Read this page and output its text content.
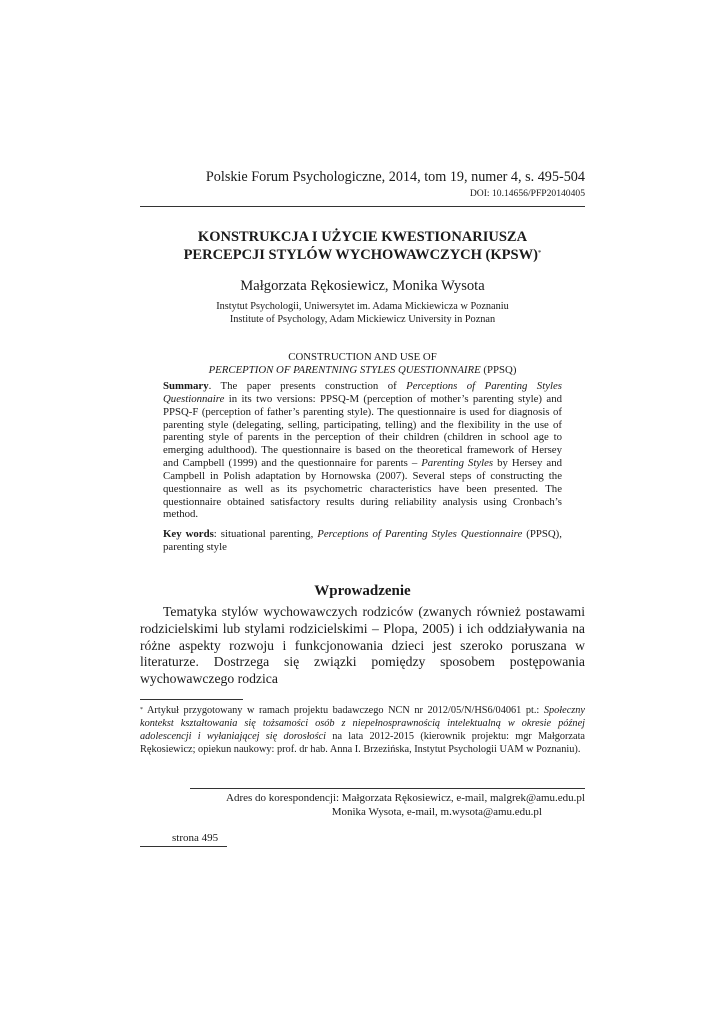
Polskie Forum Psychologiczne, 2014, tom 19, numer 4, s. 495-504
DOI: 10.14656/PFP20140405
KONSTRUKCJA I UŻYCIE KWESTIONARIUSZA
PERCEPCJI STYLÓW WYCHOWAWCZYCH (KPSW)*
Małgorzata Rękosiewicz, Monika Wysota
Instytut Psychologii, Uniwersytet im. Adama Mickiewicza w Poznaniu
Institute of Psychology, Adam Mickiewicz University in Poznan
CONSTRUCTION AND USE OF
PERCEPTION OF PARENTNING STYLES QUESTIONNAIRE (PPSQ)
Summary. The paper presents construction of Perceptions of Parenting Styles Questionnaire in its two versions: PPSQ-M (perception of mother’s parenting style) and PPSQ-F (perception of father’s parenting style). The questionnaire is used for diagnosis of parenting style (delegating, selling, participating, telling) and the flexibility in the use of parenting style of parents in the perception of their children (children in school age to emerging adulthood). The questionnaire is based on the theoretical framework of Hersey and Campbell (1999) and the questionnaire for parents – Parenting Styles by Hersey and Campbell in Polish adaptation by Hornowska (2007). Several steps of constructing the questionnaire as well as its psychometric characteristics have been presented. The questionnaire obtained satisfactory results during reliability analysis using Cronbach’s method.
Key words: situational parenting, Perceptions of Parenting Styles Questionnaire (PPSQ), parenting style
Wprowadzenie

Tematyka stylów wychowawczych rodziców (zwanych również postawami rodzicielskimi lub stylami rodzicielskimi – Plopa, 2005) i ich oddziaływania na różne aspekty rozwoju i funkcjonowania dzieci jest szeroko poruszana w literaturze. Dostrzega się związki pomiędzy sposobem postępowania wychowawczego rodzica

* Artykuł przygotowany w ramach projektu badawczego NCN nr 2012/05/N/HS6/04061 pt.: Społeczny kontekst kształtowania się tożsamości osób z niepełnosprawnością intelektualną w okresie późnej adolescencji i wyłaniającej się dorosłości na lata 2012-2015 (kierownik projektu: mgr Małgorzata Rękosiewicz; opiekun naukowy: prof. dr hab. Anna I. Brzezińska, Instytut Psychologii UAM w Poznaniu).
Adres do korespondencji: Małgorzata Rękosiewicz, e-mail, malgrek@amu.edu.pl
Monika Wysota, e-mail, m.wysota@amu.edu.pl
strona 495
